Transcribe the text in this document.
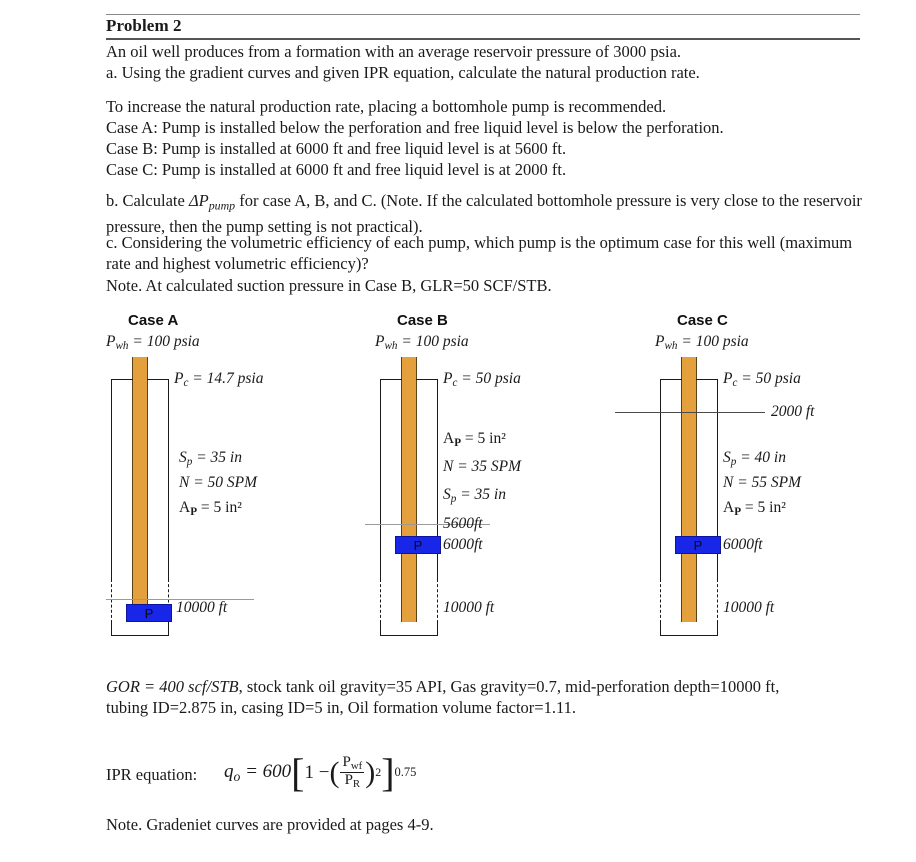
Problem 2
An oil well produces from a formation with an average reservoir pressure of 3000 psia.
a. Using the gradient curves and given IPR equation, calculate the natural production rate.
To increase the natural production rate, placing a bottomhole pump is recommended.
Case A: Pump is installed below the perforation and free liquid level is below the perforation.
Case B: Pump is installed at 6000 ft and free liquid level is at 5600 ft.
Case C: Pump is installed at 6000 ft and free liquid level is at 2000 ft.
b. Calculate $\Delta P_{pump}$ for case A, B, and C. (Note. If the calculated bottomhole pressure is very close to the reservoir pressure, then the pump setting is not practical).
c. Considering the volumetric efficiency of each pump, which pump is the optimum case for this well (maximum rate and highest volumetric efficiency)?
Note. At calculated suction pressure in Case B, GLR=50 SCF/STB.
Case A
$P_{wh} = 100$ psia
P 10000 ft
$P_c = 14.7$ psia
$S_p = 35$ in
N = 50 SPM
$A_P = 5$ in²
Case B
$P_{wh} = 100$ psia
5600ft
P 6000ft
10000 ft
$P_c = 50$ psia
$A_P = 5$ in²
N = 35 SPM
$S_p = 35$ in
Case C
$P_{wh} = 100$ psia
2000 ft
P 6000ft
10000 ft
$P_c = 50$ psia
$S_p = 40$ in
N = 55 SPM
$A_P = 5$ in²
GOR = 400 scf/STB, stock tank oil gravity=35 API, Gas gravity=0.7, mid-perforation depth=10000 ft,
tubing ID=2.875 in, casing ID=5 in, Oil formation volume factor=1.11.
IPR equation: $q_o = 600$ [ 1 − ( $\frac{P_{wf}}{P_R}$ ) 2 ] 0.75
Note. Gradeniet curves are provided at pages 4-9.
